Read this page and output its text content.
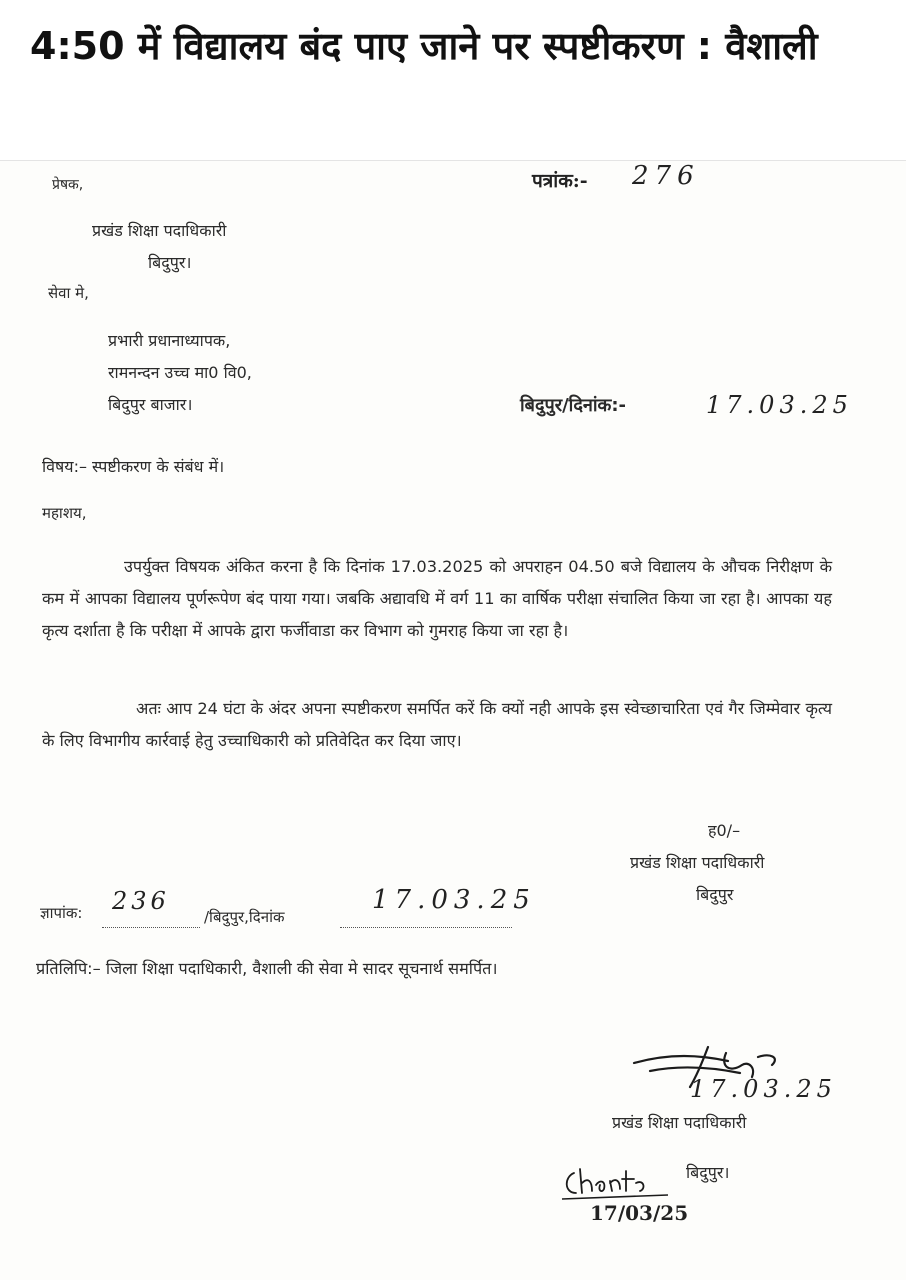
4:50 में विद्यालय बंद पाए जाने पर स्पष्टीकरण : वैशाली
प्रेषक,	पत्रांक:- 276
प्रखंड शिक्षा पदाधिकारी
बिदुपुर।
सेवा मे,
प्रभारी प्रधानाध्यापक,
रामनन्दन उच्च मा0 वि0,
बिदुपुर बाजार।	बिदुपुर/दिनांक:-	17.03.25
विषय:– स्पष्टीकरण के संबंध में।
महाशय,
उपर्युक्त विषयक अंकित करना है कि दिनांक 17.03.2025 को अपराहन 04.50 बजे विद्यालय के औचक निरीक्षण के कम में आपका विद्यालय पूर्णरूपेण बंद पाया गया। जबकि अद्यावधि में वर्ग 11 का वार्षिक परीक्षा संचालित किया जा रहा है। आपका यह कृत्य दर्शाता है कि परीक्षा में आपके द्वारा फर्जीवाडा कर विभाग को गुमराह किया जा रहा है।
अतः आप 24 घंटा के अंदर अपना स्पष्टीकरण समर्पित करें कि क्यों नही आपके इस स्वेच्छाचारिता एवं गैर जिम्मेवार कृत्य के लिए विभागीय कार्रवाई हेतु उच्चाधिकारी को प्रतिवेदित कर दिया जाए।
ह0/–
प्रखंड शिक्षा पदाधिकारी
बिदुपुर
ज्ञापांक: 236
/बिदुपुर,दिनांक
17.03.25
प्रतिलिपि:– जिला शिक्षा पदाधिकारी, वैशाली की सेवा मे सादर सूचनार्थ समर्पित।
17.03.25
प्रखंड शिक्षा पदाधिकारी
बिदुपुर।
17/03/25
